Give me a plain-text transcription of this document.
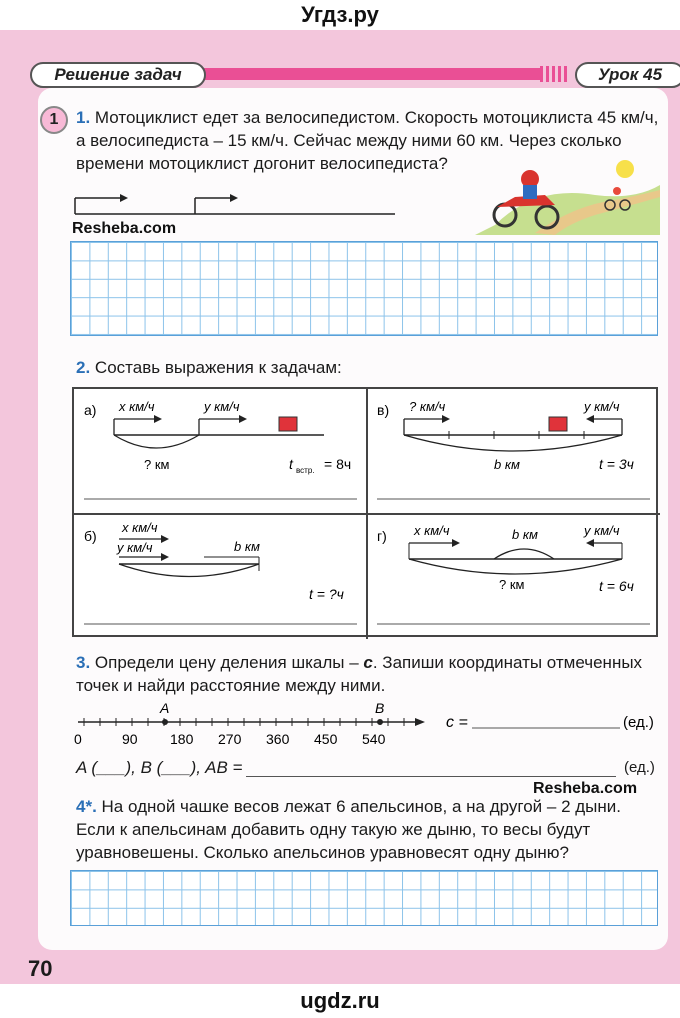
Угдз.ру
Решение задач	Урок 45
1	1. Мотоциклист едет за велосипедистом. Скорость мотоциклиста 45 км/ч,
а велосипедиста – 15 км/ч. Сейчас между ними 60 км. Через сколько
времени мотоциклист догонит велосипедиста?
Resheba.com
2. Составь выражения к задачам:
а) x км/ч	y км/ч
? км	t встр. = 8ч
в) ? км/ч	y км/ч
b км	t = 3ч
б)
x км/ч
y км/ч	b км
t = ?ч
г) x км/ч	y км/ч
b км
? км	t = 6ч
3. Определи цену деления шкалы – c. Запиши координаты отмеченных
точек и найди расстояние между ними.
A	B
0	90 180 270 360 450 540
c =	(ед.)
A (___), B (___), AB =	(ед.)
Resheba.com
4*. На одной чашке весов лежат 6 апельсинов, а на другой – 2 дыни.
Если к апельсинам добавить одну такую же дыню, то весы будут
уравновешены. Сколько апельсинов уравновесят одну дыню?
70
ugdz.ru
